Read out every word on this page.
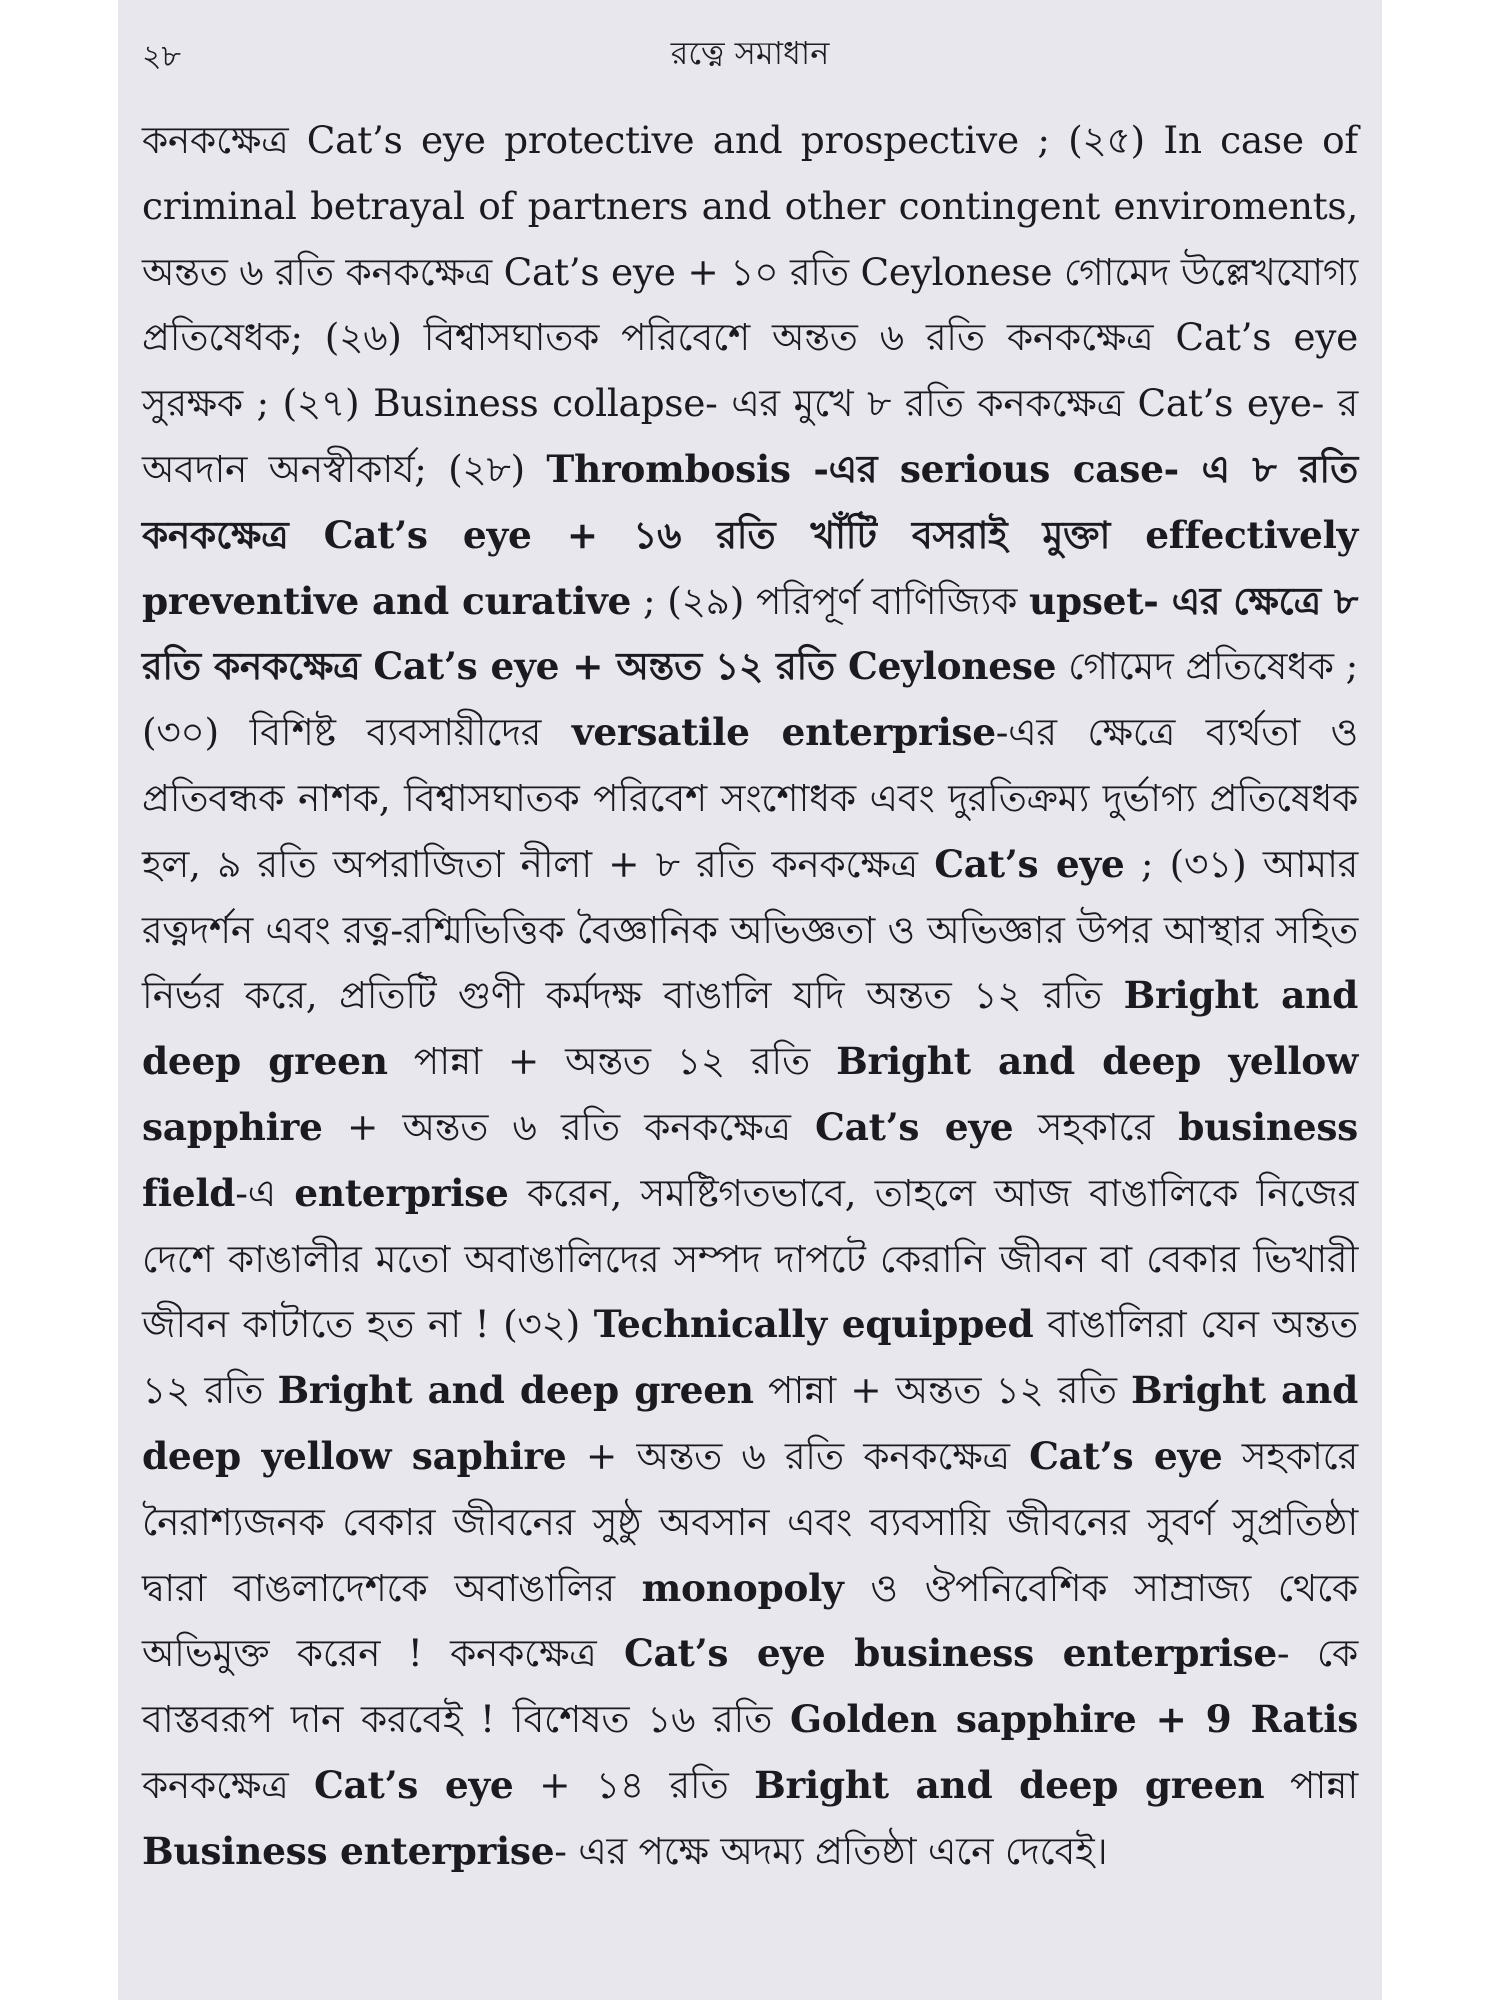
২৮	রত্নে সমাধান
কনকক্ষেত্র Cat’s eye protective and prospective ; (২৫) In case of criminal betrayal of partners and other contingent enviroments, অন্তত ৬ রতি কনকক্ষেত্র Cat’s eye + ১০ রতি Ceylonese গোমেদ উল্লেখযোগ্য প্রতিষেধক; (২৬) বিশ্বাসঘাতক পরিবেশে অন্তত ৬ রতি কনকক্ষেত্র Cat’s eye সুরক্ষক ; (২৭) Business collapse- এর মুখে ৮ রতি কনকক্ষেত্র Cat’s eye- র অবদান অনস্বীকার্য; (২৮) Thrombosis -এর serious case- এ ৮ রতি কনকক্ষেত্র Cat’s eye + ১৬ রতি খাঁটি বসরাই মুক্তা effectively preventive and curative ; (২৯) পরিপূর্ণ বাণিজ্যিক upset- এর ক্ষেত্রে ৮ রতি কনকক্ষেত্র Cat’s eye + অন্তত ১২ রতি Ceylonese গোমেদ প্রতিষেধক ; (৩০) বিশিষ্ট ব্যবসায়ীদের versatile enterprise-এর ক্ষেত্রে ব্যর্থতা ও প্রতিবন্ধক নাশক, বিশ্বাসঘাতক পরিবেশ সংশোধক এবং দুরতিক্রম্য দুর্ভাগ্য প্রতিষেধক হল, ৯ রতি অপরাজিতা নীলা + ৮ রতি কনকক্ষেত্র Cat’s eye ; (৩১) আমার রত্নদর্শন এবং রত্ন-রশ্মিভিত্তিক বৈজ্ঞানিক অভিজ্ঞতা ও অভিজ্ঞার উপর আস্থার সহিত নির্ভর করে, প্রতিটি গুণী কর্মদক্ষ বাঙালি যদি অন্তত ১২ রতি Bright and deep green পান্না + অন্তত ১২ রতি Bright and deep yellow sapphire + অন্তত ৬ রতি কনকক্ষেত্র Cat’s eye সহকারে business field-এ enterprise করেন, সমষ্টিগতভাবে, তাহলে আজ বাঙালিকে নিজের দেশে কাঙালীর মতো অবাঙালিদের সম্পদ দাপটে কেরানি জীবন বা বেকার ভিখারী জীবন কাটাতে হত না ! (৩২) Technically equipped বাঙালিরা যেন অন্তত ১২ রতি Bright and deep green পান্না + অন্তত ১২ রতি Bright and deep yellow saphire + অন্তত ৬ রতি কনকক্ষেত্র Cat’s eye সহকারে নৈরাশ্যজনক বেকার জীবনের সুষ্ঠু অবসান এবং ব্যবসায়ি জীবনের সুবর্ণ সুপ্রতিষ্ঠা দ্বারা বাঙলাদেশকে অবাঙালির monopoly ও ঔপনিবেশিক সাম্রাজ্য থেকে অভিমুক্ত করেন ! কনকক্ষেত্র Cat’s eye business enterprise- কে বাস্তবরূপ দান করবেই ! বিশেষত ১৬ রতি Golden sapphire + 9 Ratis কনকক্ষেত্র Cat’s eye + ১৪ রতি Bright and deep green পান্না Business enterprise- এর পক্ষে অদম্য প্রতিষ্ঠা এনে দেবেই।
